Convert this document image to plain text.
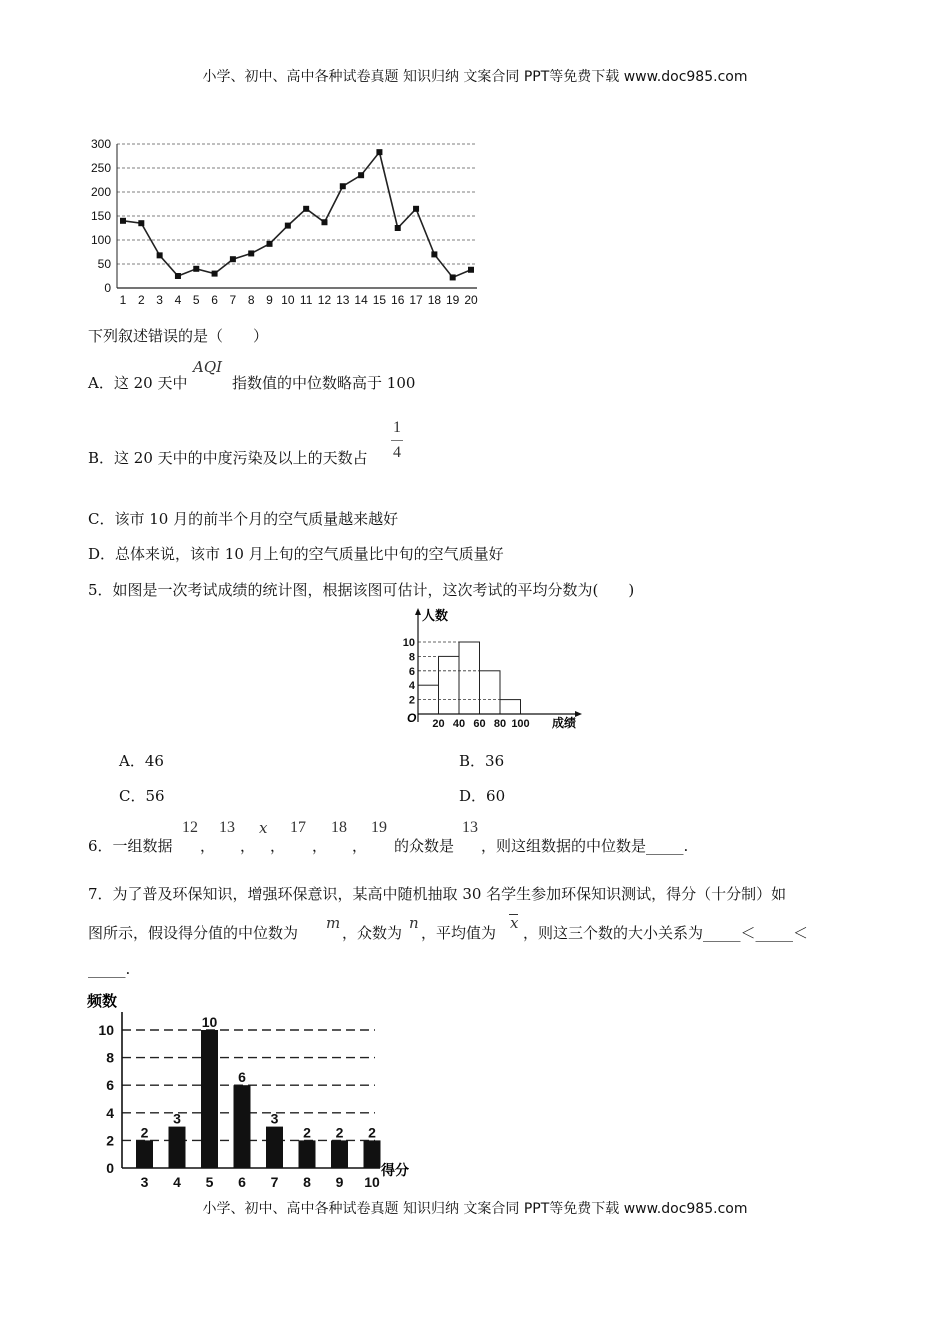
小学、初中、高中各种试卷真题 知识归纳 文案合同 PPT等免费下载 www.doc985.com
小学、初中、高中各种试卷真题 知识归纳 文案合同 PPT等免费下载 www.doc985.com
0
50
100
150
200
250
300
1 2 3 4 5 6 7 8 9 10 11 12 13 14 15 16 17 18 19 20
下列叙述错误的是（　　）
A．这 20 天中
AQI
指数值的中位数略高于 100
B．这 20 天中的中度污染及以上的天数占
1
4
C．该市 10 月的前半个月的空气质量越来越好
D．总体来说，该市 10 月上旬的空气质量比中旬的空气质量好
5．如图是一次考试成绩的统计图，根据该图可估计，这次考试的平均分数为(　　)
2
4
6
8
10
20 40 60 80 100
人数
成绩
O
A．46	B．36
C．56	D．60
6．一组数据
12
，
13
，
x
，
17
，
18
，
19
的众数是
13
，则这组数据的中位数是_____.
7．为了普及环保知识，增强环保意识，某高中随机抽取 30 名学生参加环保知识测试，得分（十分制）如
图所示，假设得分值的中位数为
m
，众数为
n
，平均值为
x
，则这三个数的大小关系为_____＜_____＜
_____.
0
2
4
6
8
10
2
3
10
6
3
2 2 2
3 4 5 6 7 8 9 10
频数
得分
